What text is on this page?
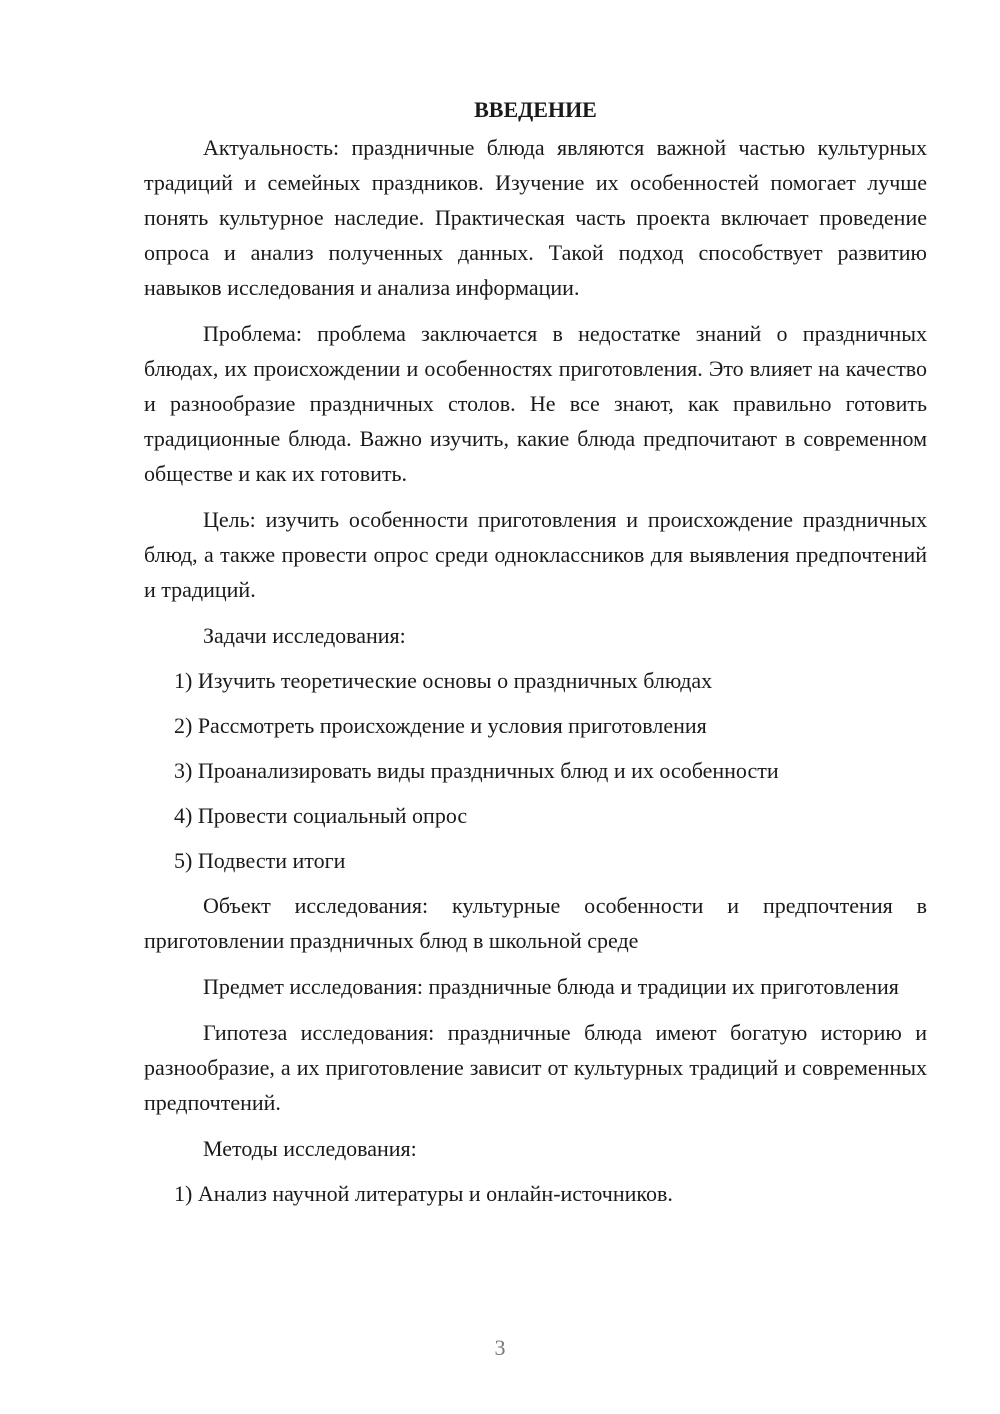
ВВЕДЕНИЕ

Актуальность: праздничные блюда являются важной частью культурных традиций и семейных праздников. Изучение их особенностей помогает лучше понять культурное наследие. Практическая часть проекта включает проведение опроса и анализ полученных данных. Такой подход способствует развитию навыков исследования и анализа информации.

Проблема: проблема заключается в недостатке знаний о праздничных блюдах, их происхождении и особенностях приготовления. Это влияет на качество и разнообразие праздничных столов. Не все знают, как правильно готовить традиционные блюда. Важно изучить, какие блюда предпочитают в современном обществе и как их готовить.

Цель: изучить особенности приготовления и происхождение праздничных блюд, а также провести опрос среди одноклассников для выявления предпочтений и традиций.

Задачи исследования:

1) Изучить теоретические основы о праздничных блюдах

2) Рассмотреть происхождение и условия приготовления

3) Проанализировать виды праздничных блюд и их особенности

4) Провести социальный опрос

5) Подвести итоги

Объект исследования: культурные особенности и предпочтения в приготовлении праздничных блюд в школьной среде

Предмет исследования: праздничные блюда и традиции их приготовления

Гипотеза исследования: праздничные блюда имеют богатую историю и разнообразие, а их приготовление зависит от культурных традиций и современных предпочтений.

Методы исследования:

1) Анализ научной литературы и онлайн-источников.

3
